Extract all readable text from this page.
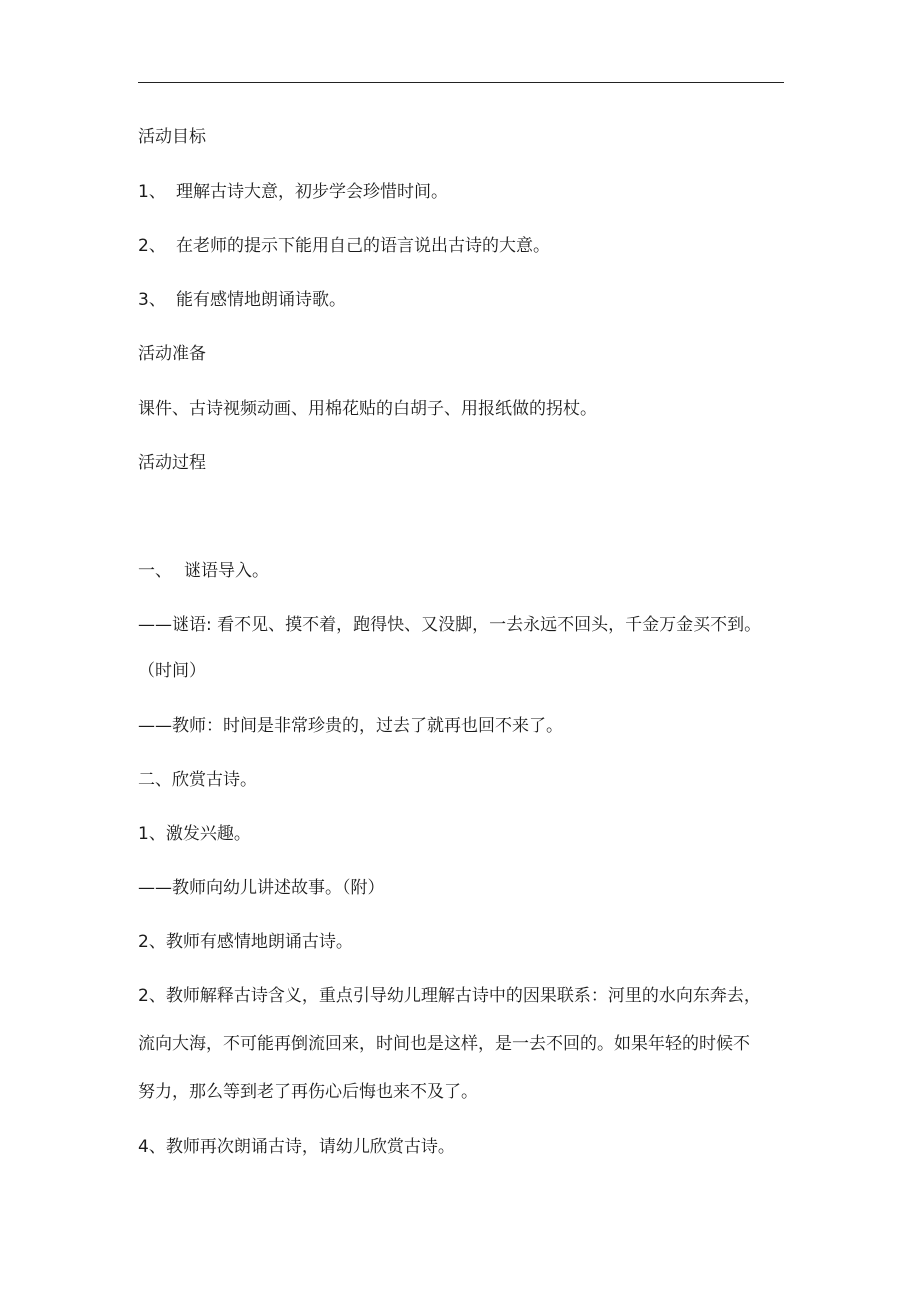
活动目标
1、 理解古诗大意，初步学会珍惜时间。
2、 在老师的提示下能用自己的语言说出古诗的大意。
3、 能有感情地朗诵诗歌。
活动准备
课件、古诗视频动画、用棉花贴的白胡子、用报纸做的拐杖。
活动过程
一、 谜语导入。
——谜语: 看不见、摸不着，跑得快、又没脚，一去永远不回头，千金万金买不到。
（时间）
——教师：时间是非常珍贵的，过去了就再也回不来了。
二、欣赏古诗。
1、激发兴趣。
——教师向幼儿讲述故事。（附）
2、教师有感情地朗诵古诗。
2、教师解释古诗含义，重点引导幼儿理解古诗中的因果联系：河里的水向东奔去，
流向大海，不可能再倒流回来，时间也是这样，是一去不回的。如果年轻的时候不
努力，那么等到老了再伤心后悔也来不及了。
4、教师再次朗诵古诗，请幼儿欣赏古诗。
